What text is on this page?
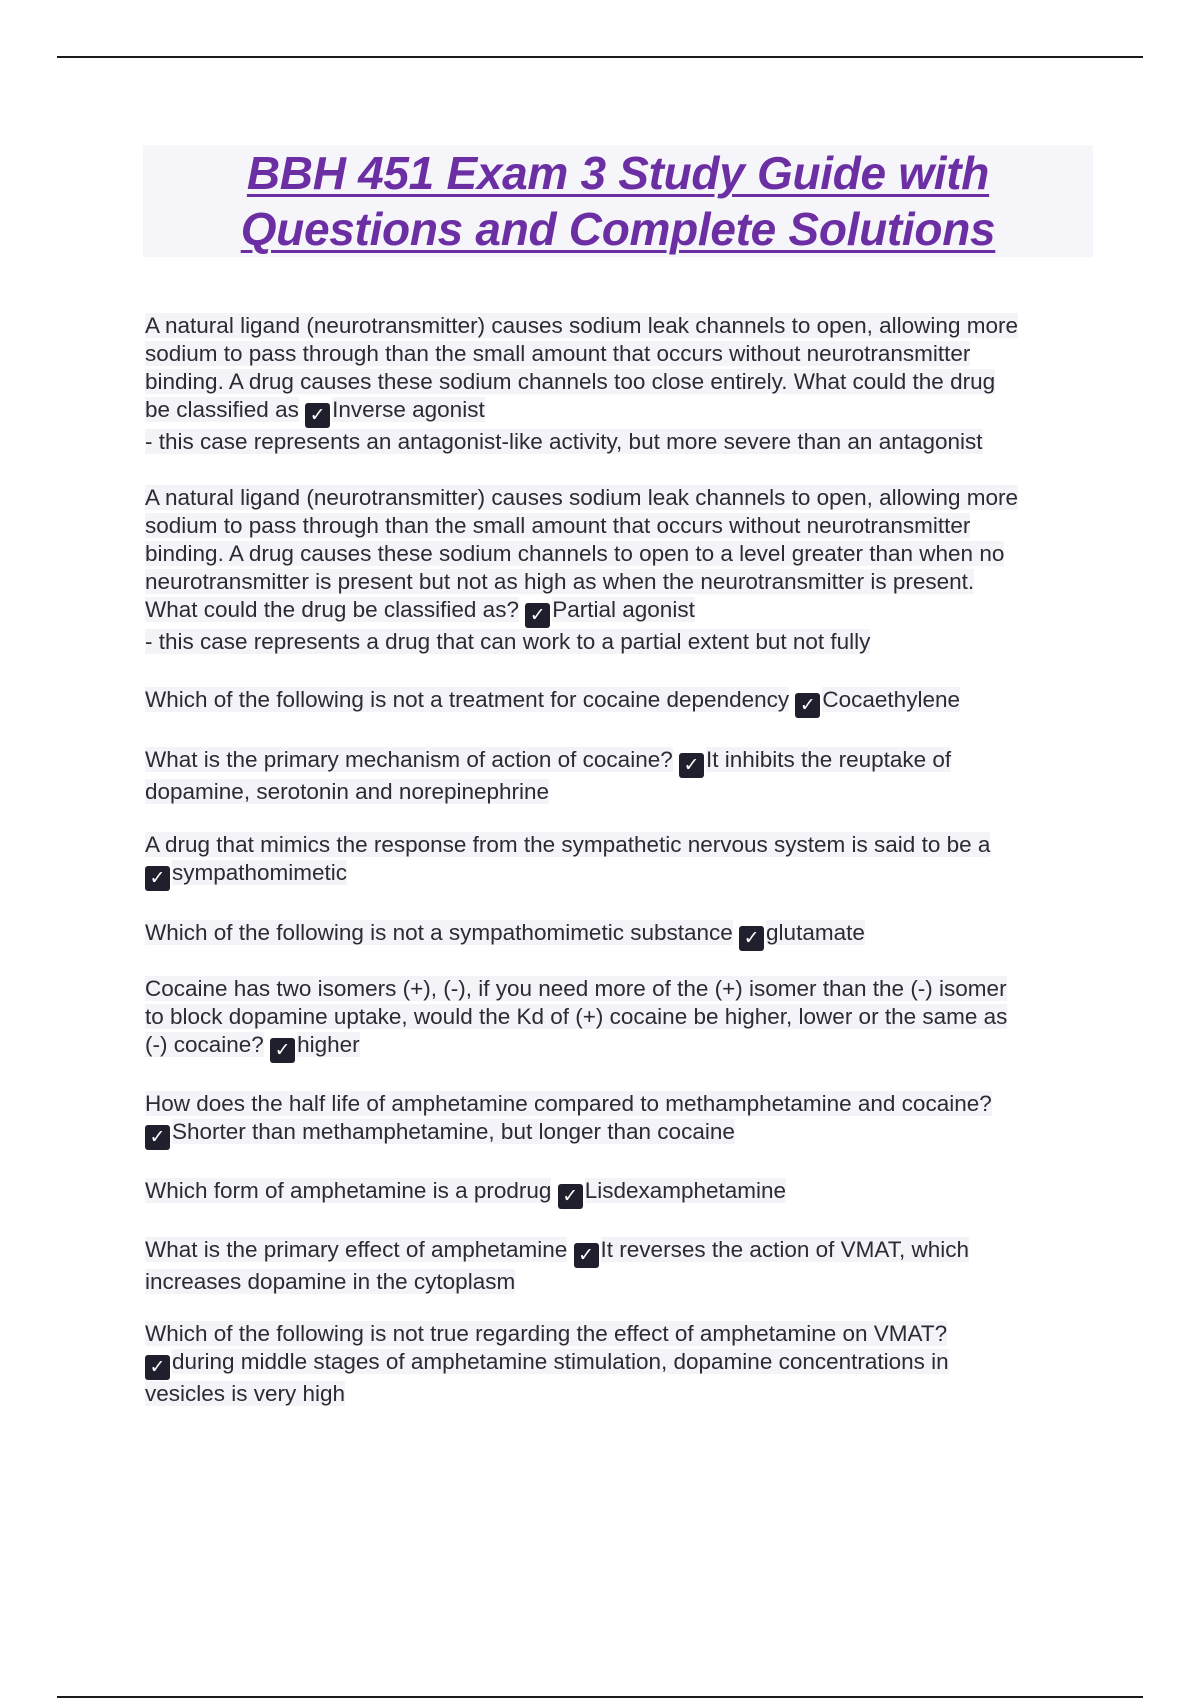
BBH 451 Exam 3 Study Guide with
Questions and Complete Solutions
A natural ligand (neurotransmitter) causes sodium leak channels to open, allowing more
sodium to pass through than the small amount that occurs without neurotransmitter
binding. A drug causes these sodium channels too close entirely. What could the drug
be classified as ✓ Inverse agonist
- this case represents an antagonist-like activity, but more severe than an antagonist
A natural ligand (neurotransmitter) causes sodium leak channels to open, allowing more
sodium to pass through than the small amount that occurs without neurotransmitter
binding. A drug causes these sodium channels to open to a level greater than when no
neurotransmitter is present but not as high as when the neurotransmitter is present.
What could the drug be classified as? ✓ Partial agonist
- this case represents a drug that can work to a partial extent but not fully
Which of the following is not a treatment for cocaine dependency ✓ Cocaethylene
What is the primary mechanism of action of cocaine? ✓ It inhibits the reuptake of
dopamine, serotonin and norepinephrine
A drug that mimics the response from the sympathetic nervous system is said to be a
✓ sympathomimetic
Which of the following is not a sympathomimetic substance ✓ glutamate
Cocaine has two isomers (+), (-), if you need more of the (+) isomer than the (-) isomer
to block dopamine uptake, would the Kd of (+) cocaine be higher, lower or the same as
(-) cocaine? ✓ higher
How does the half life of amphetamine compared to methamphetamine and cocaine?
✓ Shorter than methamphetamine, but longer than cocaine
Which form of amphetamine is a prodrug ✓ Lisdexamphetamine
What is the primary effect of amphetamine ✓ It reverses the action of VMAT, which
increases dopamine in the cytoplasm
Which of the following is not true regarding the effect of amphetamine on VMAT?
✓ during middle stages of amphetamine stimulation, dopamine concentrations in
vesicles is very high
